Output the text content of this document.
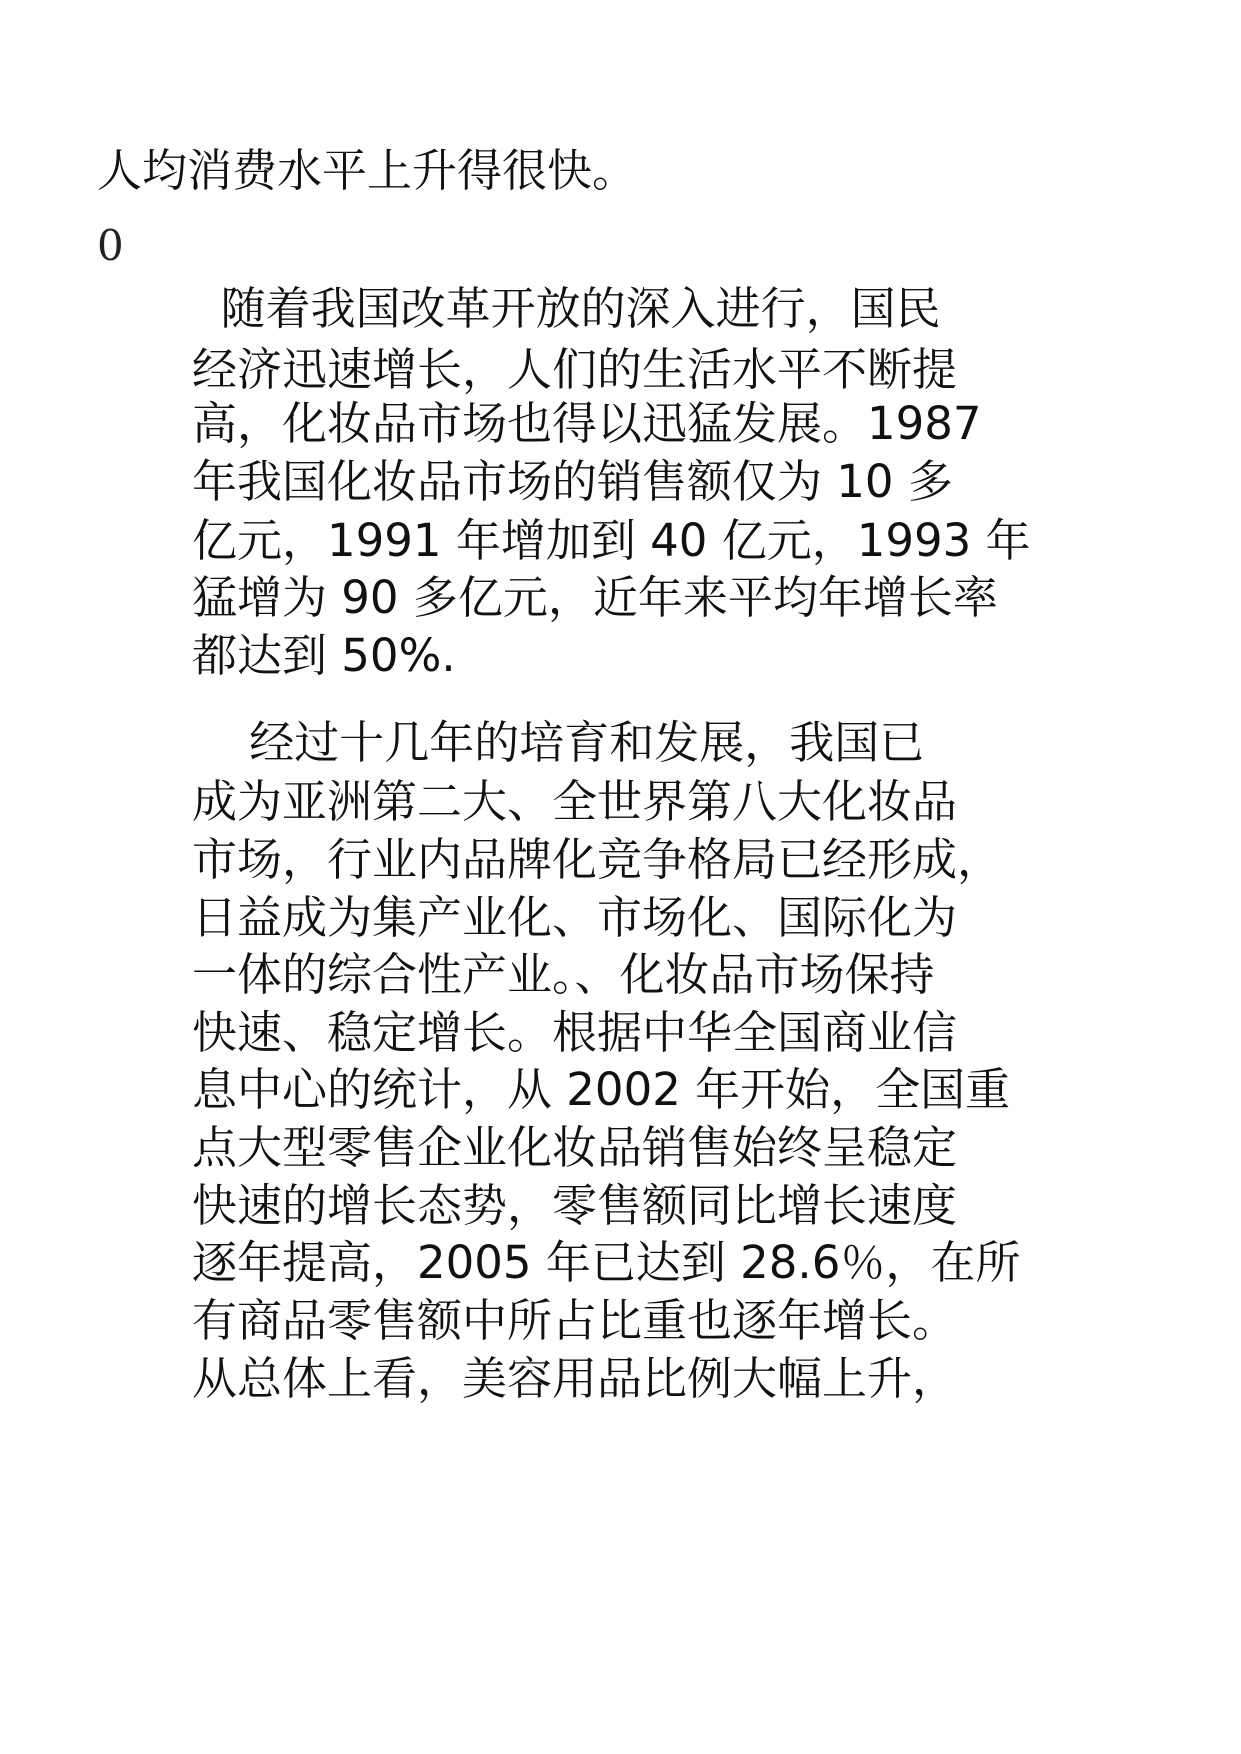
人均消费水平上升得很快。

0

随着我国改革开放的深入进行，国民

经济迅速增长，人们的生活水平不断提

高，化妆品市场也得以迅猛发展。1987

年我国化妆品市场的销售额仅为 10 多

亿元，1991 年增加到 40 亿元，1993 年

猛增为 90 多亿元，近年来平均年增长率

都达到 50%.

经过十几年的培育和发展，我国已

成为亚洲第二大、全世界第八大化妆品

市场，行业内品牌化竞争格局已经形成，

日益成为集产业化、市场化、国际化为

一体的综合性产业。、化妆品市场保持

快速、稳定增长。根据中华全国商业信

息中心的统计，从 2002 年开始，全国重

点大型零售企业化妆品销售始终呈稳定

快速的增长态势，零售额同比增长速度

逐年提高，2005 年已达到 28.6％，在所

有商品零售额中所占比重也逐年增长。

从总体上看，美容用品比例大幅上升，
